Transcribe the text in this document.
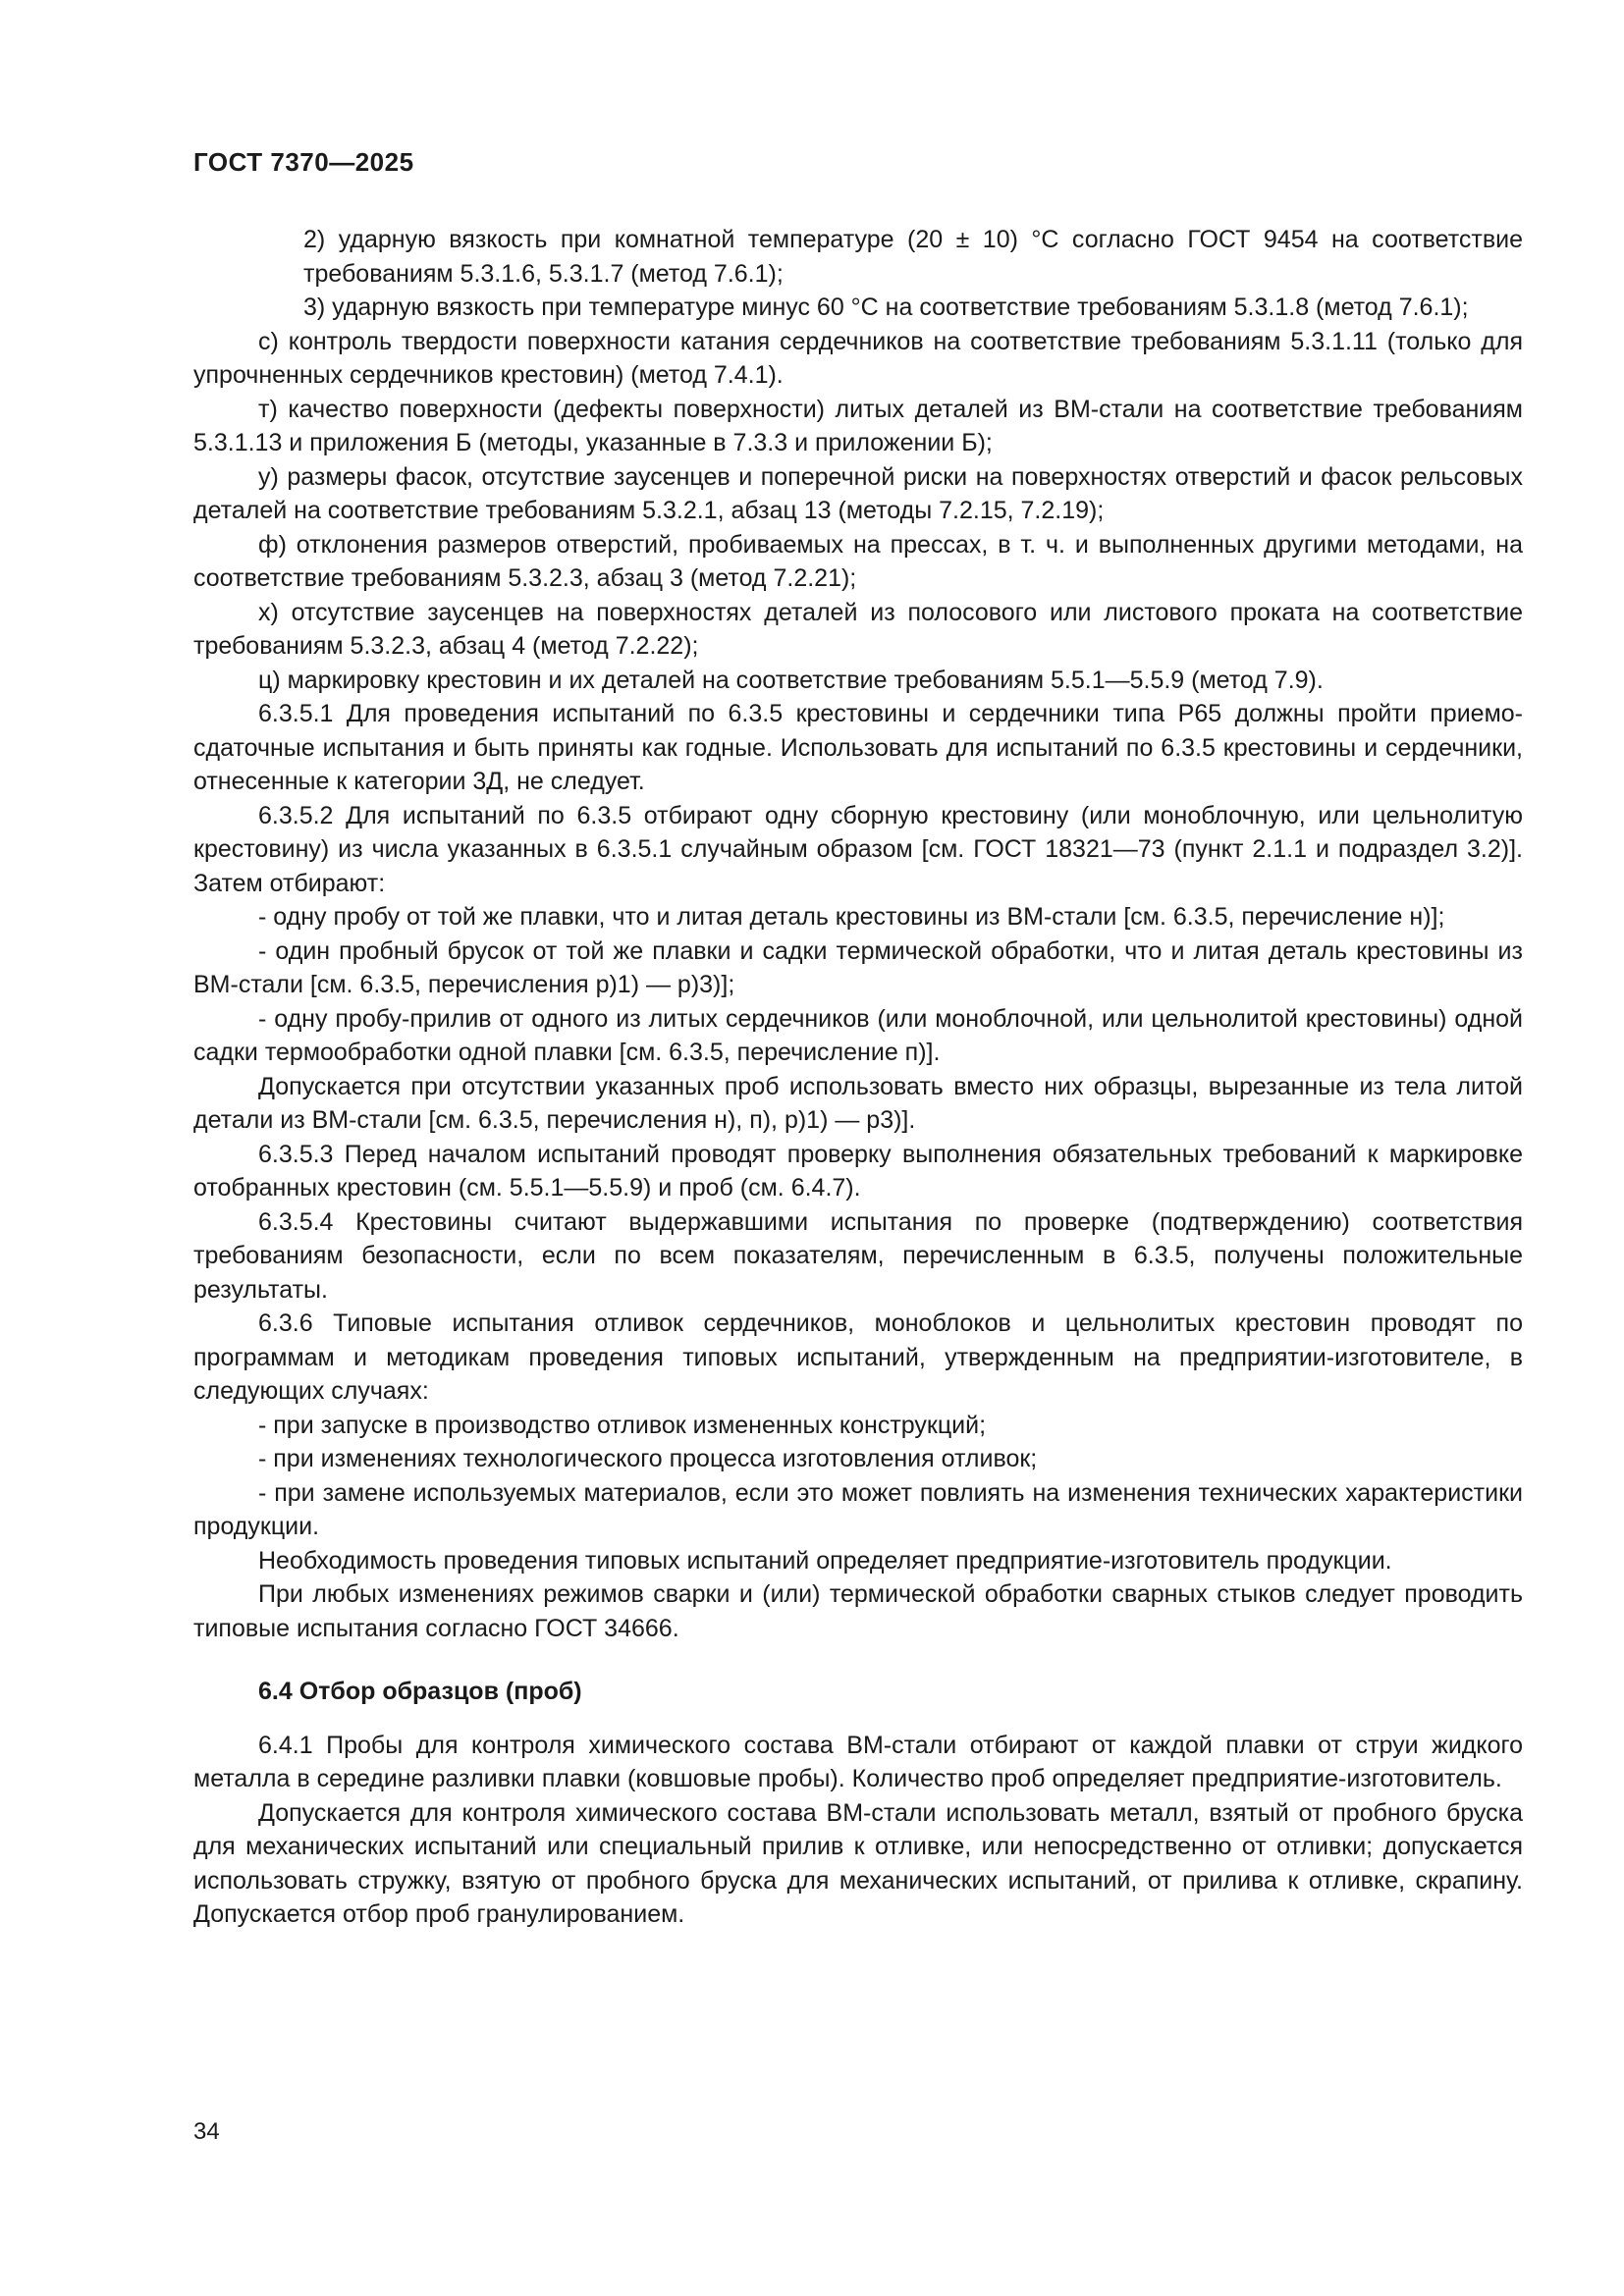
ГОСТ 7370—2025

2) ударную вязкость при комнатной температуре (20 ± 10) °C согласно ГОСТ 9454 на соответствие требованиям 5.3.1.6, 5.3.1.7 (метод 7.6.1);

3) ударную вязкость при температуре минус 60 °C на соответствие требованиям 5.3.1.8 (метод 7.6.1);

с) контроль твердости поверхности катания сердечников на соответствие требованиям 5.3.1.11 (только для упрочненных сердечников крестовин) (метод 7.4.1).

т) качество поверхности (дефекты поверхности) литых деталей из ВМ-стали на соответствие требованиям 5.3.1.13 и приложения Б (методы, указанные в 7.3.3 и приложении Б);

у) размеры фасок, отсутствие заусенцев и поперечной риски на поверхностях отверстий и фасок рельсовых деталей на соответствие требованиям 5.3.2.1, абзац 13 (методы 7.2.15, 7.2.19);

ф) отклонения размеров отверстий, пробиваемых на прессах, в т. ч. и выполненных другими методами, на соответствие требованиям 5.3.2.3, абзац 3 (метод 7.2.21);

х) отсутствие заусенцев на поверхностях деталей из полосового или листового проката на соответствие требованиям 5.3.2.3, абзац 4 (метод 7.2.22);

ц) маркировку крестовин и их деталей на соответствие требованиям 5.5.1—5.5.9 (метод 7.9).

6.3.5.1 Для проведения испытаний по 6.3.5 крестовины и сердечники типа Р65 должны пройти приемо-сдаточные испытания и быть приняты как годные. Использовать для испытаний по 6.3.5 крестовины и сердечники, отнесенные к категории 3Д, не следует.

6.3.5.2 Для испытаний по 6.3.5 отбирают одну сборную крестовину (или моноблочную, или цельнолитую крестовину) из числа указанных в 6.3.5.1 случайным образом [см. ГОСТ 18321—73 (пункт 2.1.1 и подраздел 3.2)]. Затем отбирают:

- одну пробу от той же плавки, что и литая деталь крестовины из ВМ-стали [см. 6.3.5, перечисление н)];

- один пробный брусок от той же плавки и садки термической обработки, что и литая деталь крестовины из ВМ-стали [см. 6.3.5, перечисления р)1) — р)3)];

- одну пробу-прилив от одного из литых сердечников (или моноблочной, или цельнолитой крестовины) одной садки термообработки одной плавки [см. 6.3.5, перечисление п)].

Допускается при отсутствии указанных проб использовать вместо них образцы, вырезанные из тела литой детали из ВМ-стали [см. 6.3.5, перечисления н), п), р)1) — р3)].

6.3.5.3 Перед началом испытаний проводят проверку выполнения обязательных требований к маркировке отобранных крестовин (см. 5.5.1—5.5.9) и проб (см. 6.4.7).

6.3.5.4 Крестовины считают выдержавшими испытания по проверке (подтверждению) соответствия требованиям безопасности, если по всем показателям, перечисленным в 6.3.5, получены положительные результаты.

6.3.6 Типовые испытания отливок сердечников, моноблоков и цельнолитых крестовин проводят по программам и методикам проведения типовых испытаний, утвержденным на предприятии-изготовителе, в следующих случаях:

- при запуске в производство отливок измененных конструкций;

- при изменениях технологического процесса изготовления отливок;

- при замене используемых материалов, если это может повлиять на изменения технических характеристики продукции.

Необходимость проведения типовых испытаний определяет предприятие-изготовитель продукции.

При любых изменениях режимов сварки и (или) термической обработки сварных стыков следует проводить типовые испытания согласно ГОСТ 34666.

6.4 Отбор образцов (проб)

6.4.1 Пробы для контроля химического состава ВМ-стали отбирают от каждой плавки от струи жидкого металла в середине разливки плавки (ковшовые пробы). Количество проб определяет предприятие-изготовитель.

Допускается для контроля химического состава ВМ-стали использовать металл, взятый от пробного бруска для механических испытаний или специальный прилив к отливке, или непосредственно от отливки; допускается использовать стружку, взятую от пробного бруска для механических испытаний, от прилива к отливке, скрапину. Допускается отбор проб гранулированием.

34
